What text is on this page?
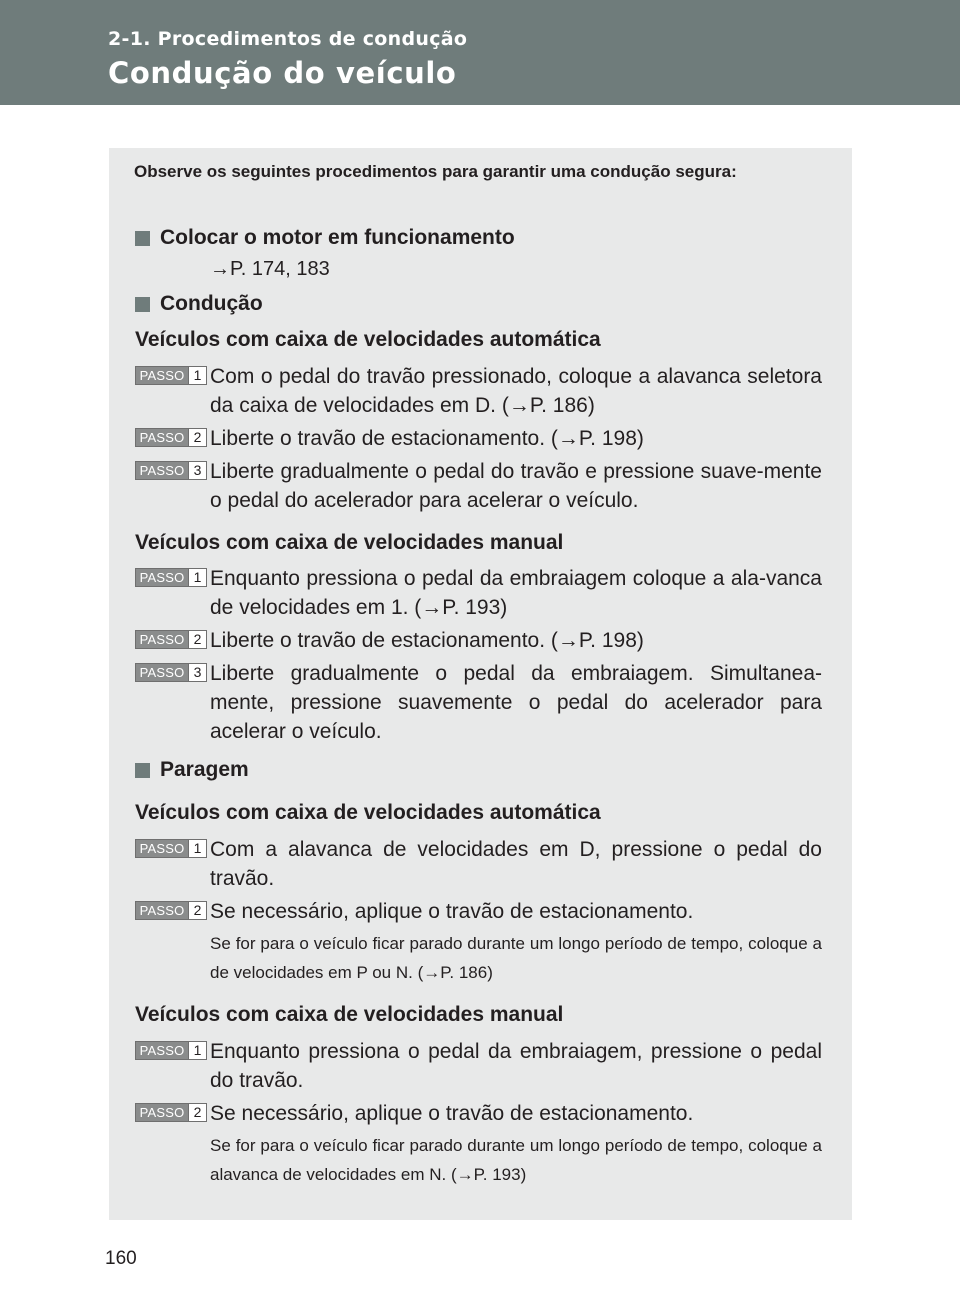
2-1. Procedimentos de condução
Condução do veículo
Observe os seguintes procedimentos para garantir uma condução segura:
Colocar o motor em funcionamento
→P. 174, 183
Condução
Veículos com caixa de velocidades automática
PASSO 1 Com o pedal do travão pressionado, coloque a alavanca seletora da caixa de velocidades em D. (→P. 186)
PASSO 2 Liberte o travão de estacionamento. (→P. 198)
PASSO 3 Liberte gradualmente o pedal do travão e pressione suave-mente o pedal do acelerador para acelerar o veículo.
Veículos com caixa de velocidades manual
PASSO 1 Enquanto pressiona o pedal da embraiagem coloque a ala-vanca de velocidades em 1. (→P. 193)
PASSO 2 Liberte o travão de estacionamento. (→P. 198)
PASSO 3 Liberte gradualmente o pedal da embraiagem. Simultanea-mente, pressione suavemente o pedal do acelerador para acelerar o veículo.
Paragem
Veículos com caixa de velocidades automática
PASSO 1 Com a alavanca de velocidades em D, pressione o pedal do travão.
PASSO 2 Se necessário, aplique o travão de estacionamento.
Se for para o veículo ficar parado durante um longo período de tempo, coloque a de velocidades em P ou N. (→P. 186)
Veículos com caixa de velocidades manual
PASSO 1 Enquanto pressiona o pedal da embraiagem, pressione o pedal do travão.
PASSO 2 Se necessário, aplique o travão de estacionamento.
Se for para o veículo ficar parado durante um longo período de tempo, coloque a alavanca de velocidades em N. (→P. 193)
160
